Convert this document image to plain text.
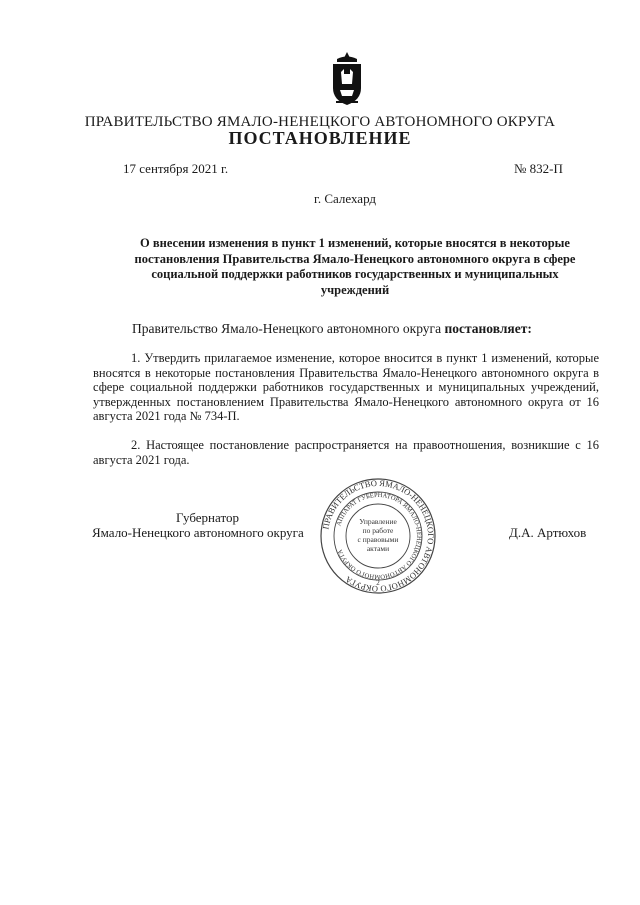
ПРАВИТЕЛЬСТВО ЯМАЛО-НЕНЕЦКОГО АВТОНОМНОГО ОКРУГА
ПОСТАНОВЛЕНИЕ
17 сентября 2021 г.	№ 832-П
г. Салехард
О внесении изменения в пункт 1 изменений, которые вносятся в некоторые постановления Правительства Ямало-Ненецкого автономного округа в сфере социальной поддержки работников государственных и муниципальных учреждений
Правительство Ямало-Ненецкого автономного округа постановляет:
1. Утвердить прилагаемое изменение, которое вносится в пункт 1 изменений, которые вносятся в некоторые постановления Правительства Ямало-Ненецкого автономного округа в сфере социальной поддержки работников государственных и муниципальных учреждений, утвержденных постановлением Правительства Ямало-Ненецкого автономного округа от 16 августа 2021 года № 734-П.
2. Настоящее постановление распространяется на правоотношения, возникшие с 16 августа 2021 года.
Губернатор
Ямало-Ненецкого автономного округа	Д.А. Артюхов
ПРАВИТЕЛЬСТВО ЯМАЛО-НЕНЕЦКОГО АВТОНОМНОГО ОКРУГА
АППАРАТ ГУБЕРНАТОРА ЯМАЛО-НЕНЕЦКОГО АВТОНОМНОГО ОКРУГА
Управление
по работе
с правовыми
актами
2
